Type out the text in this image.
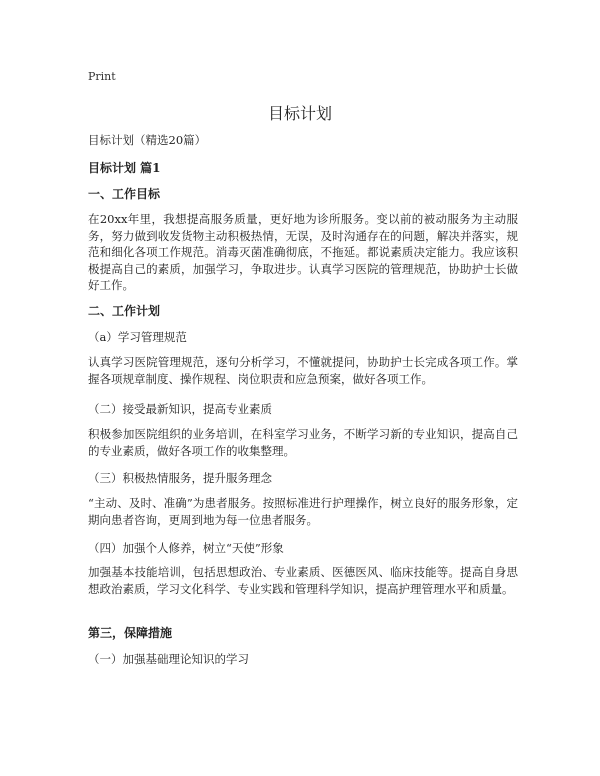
Print
目标计划
目标计划（精选20篇）
目标计划 篇1
一、工作目标
在20xx年里，我想提高服务质量，更好地为诊所服务。变以前的被动服务为主动服务，努力做到收发货物主动积极热情，无误，及时沟通存在的问题，解决并落实，规范和细化各项工作规范。消毒灭菌准确彻底，不拖延。都说素质决定能力。我应该积极提高自己的素质，加强学习，争取进步。认真学习医院的管理规范，协助护士长做好工作。
二、工作计划
（a）学习管理规范
认真学习医院管理规范，逐句分析学习，不懂就提问，协助护士长完成各项工作。掌握各项规章制度、操作规程、岗位职责和应急预案，做好各项工作。
（二）接受最新知识，提高专业素质
积极参加医院组织的业务培训，在科室学习业务，不断学习新的专业知识，提高自己的专业素质，做好各项工作的收集整理。
（三）积极热情服务，提升服务理念
“主动、及时、准确”为患者服务。按照标准进行护理操作，树立良好的服务形象，定期向患者咨询，更周到地为每一位患者服务。
（四）加强个人修养，树立“天使”形象
加强基本技能培训，包括思想政治、专业素质、医德医风、临床技能等。提高自身思想政治素质，学习文化科学、专业实践和管理科学知识，提高护理管理水平和质量。
第三，保障措施
（一）加强基础理论知识的学习
